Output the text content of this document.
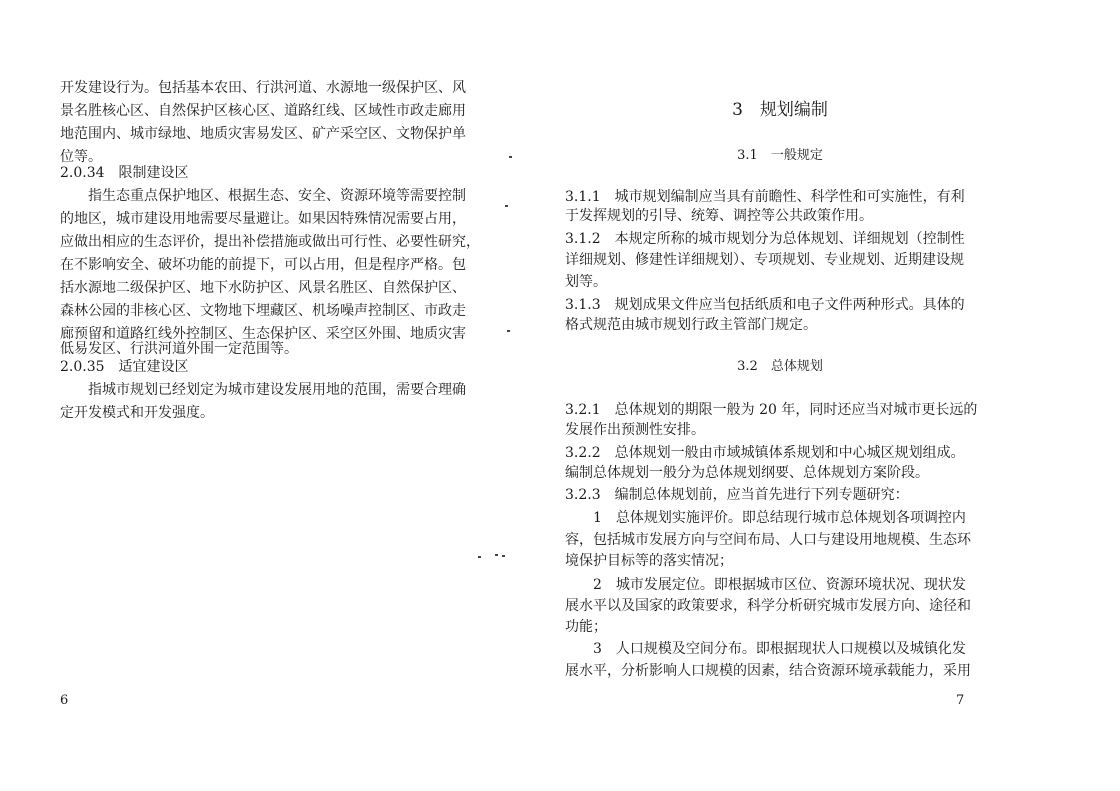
开发建设行为。包括基本农田、行洪河道、水源地一级保护区、风
景名胜核心区、自然保护区核心区、道路红线、区域性市政走廊用
地范围内、城市绿地、地质灾害易发区、矿产采空区、文物保护单
位等。
2.0.34　限制建设区
　　指生态重点保护地区、根据生态、安全、资源环境等需要控制
的地区，城市建设用地需要尽量避让。如果因特殊情况需要占用，
应做出相应的生态评价，提出补偿措施或做出可行性、必要性研究，
在不影响安全、破坏功能的前提下，可以占用，但是程序严格。包
括水源地二级保护区、地下水防护区、风景名胜区、自然保护区、
森林公园的非核心区、文物地下埋藏区、机场噪声控制区、市政走
廊预留和道路红线外控制区、生态保护区、采空区外围、地质灾害
低易发区、行洪河道外围一定范围等。
2.0.35　适宜建设区
　　指城市规划已经划定为城市建设发展用地的范围，需要合理确
定开发模式和开发强度。
6
3　规划编制
3.1　一般规定
3.1.1　城市规划编制应当具有前瞻性、科学性和可实施性，有利
于发挥规划的引导、统筹、调控等公共政策作用。
3.1.2　本规定所称的城市规划分为总体规划、详细规划（控制性
详细规划、修建性详细规划）、专项规划、专业规划、近期建设规
划等。
3.1.3　规划成果文件应当包括纸质和电子文件两种形式。具体的
格式规范由城市规划行政主管部门规定。
3.2　总体规划
3.2.1　总体规划的期限一般为 20 年，同时还应当对城市更长远的
发展作出预测性安排。
3.2.2　总体规划一般由市域城镇体系规划和中心城区规划组成。
编制总体规划一般分为总体规划纲要、总体规划方案阶段。
3.2.3　编制总体规划前，应当首先进行下列专题研究：
　　1　总体规划实施评价。即总结现行城市总体规划各项调控内
容，包括城市发展方向与空间布局、人口与建设用地规模、生态环
境保护目标等的落实情况；
　　2　城市发展定位。即根据城市区位、资源环境状况、现状发
展水平以及国家的政策要求，科学分析研究城市发展方向、途径和
功能；
　　3　人口规模及空间分布。即根据现状人口规模以及城镇化发
展水平，分析影响人口规模的因素，结合资源环境承载能力，采用
7
